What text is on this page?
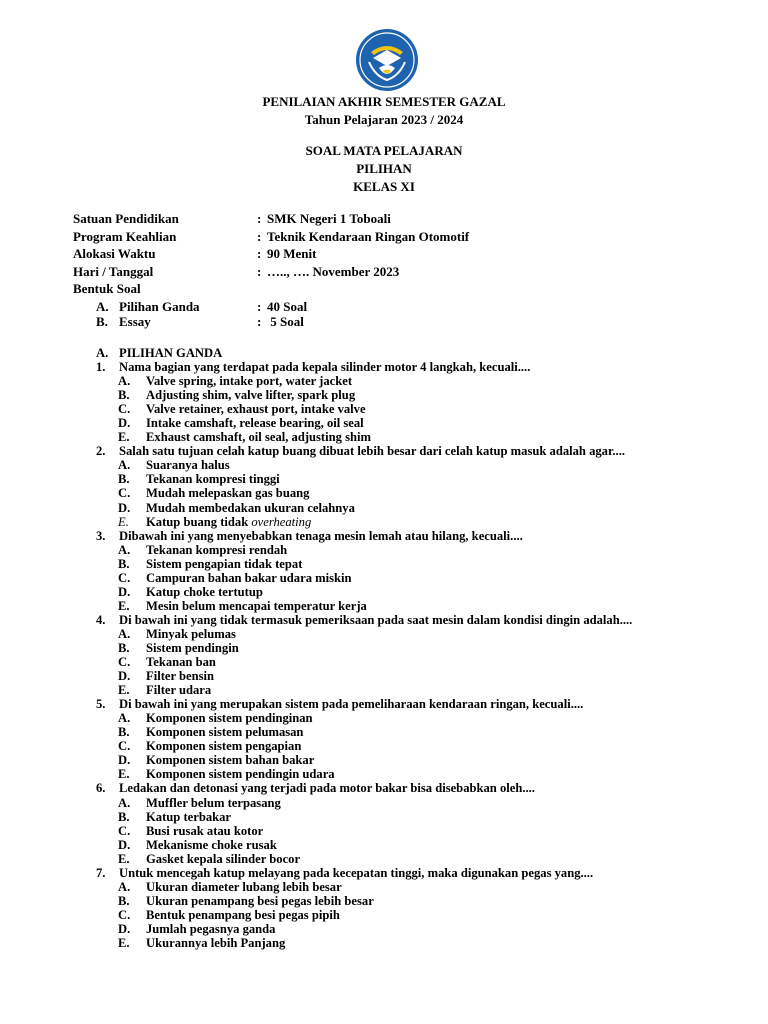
PENILAIAN AKHIR SEMESTER GAZAL
Tahun Pelajaran 2023 / 2024
SOAL MATA PELAJARAN
PILIHAN
KELAS XI
Satuan Pendidikan	: SMK Negeri 1 Toboali
Program Keahlian	: Teknik Kendaraan Ringan Otomotif
Alokasi Waktu	: 90 Menit
Hari / Tanggal	: ….., …. November 2023
Bentuk Soal
A. Pilihan Ganda	: 40 Soal
B. Essay	: 5 Soal
A. PILIHAN GANDA
1. Nama bagian yang terdapat pada kepala silinder motor 4 langkah, kecuali....
A. Valve spring, intake port, water jacket
B. Adjusting shim, valve lifter, spark plug
C. Valve retainer, exhaust port, intake valve
D. Intake camshaft, release bearing, oil seal
E. Exhaust camshaft, oil seal, adjusting shim
2. Salah satu tujuan celah katup buang dibuat lebih besar dari celah katup masuk adalah agar....
A. Suaranya halus
B. Tekanan kompresi tinggi
C. Mudah melepaskan gas buang
D. Mudah membedakan ukuran celahnya
E. Katup buang tidak overheating
3. Dibawah ini yang menyebabkan tenaga mesin lemah atau hilang, kecuali....
A. Tekanan kompresi rendah
B. Sistem pengapian tidak tepat
C. Campuran bahan bakar udara miskin
D. Katup choke tertutup
E. Mesin belum mencapai temperatur kerja
4. Di bawah ini yang tidak termasuk pemeriksaan pada saat mesin dalam kondisi dingin adalah....
A. Minyak pelumas
B. Sistem pendingin
C. Tekanan ban
D. Filter bensin
E. Filter udara
5. Di bawah ini yang merupakan sistem pada pemeliharaan kendaraan ringan, kecuali....
A. Komponen sistem pendinginan
B. Komponen sistem pelumasan
C. Komponen sistem pengapian
D. Komponen sistem bahan bakar
E. Komponen sistem pendingin udara
6. Ledakan dan detonasi yang terjadi pada motor bakar bisa disebabkan oleh....
A. Muffler belum terpasang
B. Katup terbakar
C. Busi rusak atau kotor
D. Mekanisme choke rusak
E. Gasket kepala silinder bocor
7. Untuk mencegah katup melayang pada kecepatan tinggi, maka digunakan pegas yang....
A. Ukuran diameter lubang lebih besar
B. Ukuran penampang besi pegas lebih besar
C. Bentuk penampang besi pegas pipih
D. Jumlah pegasnya ganda
E. Ukurannya lebih Panjang
